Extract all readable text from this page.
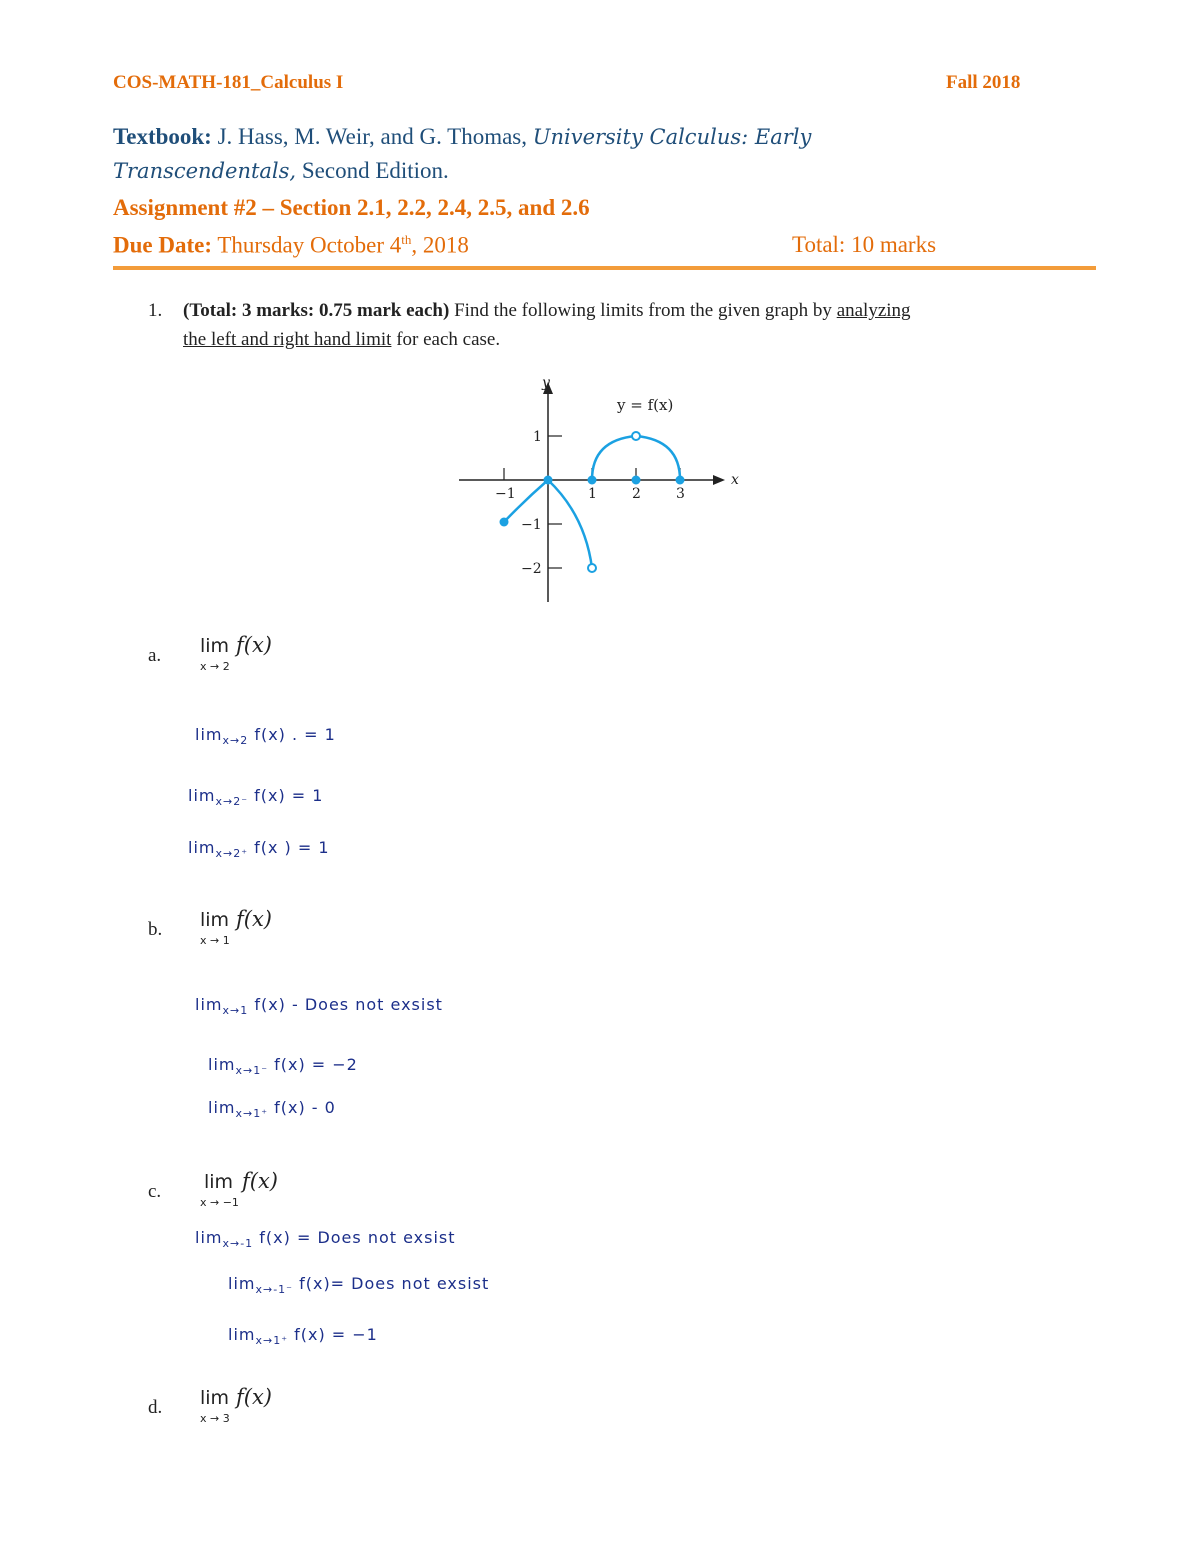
COS-MATH-181_Calculus I	Fall 2018
Textbook: J. Hass, M. Weir, and G. Thomas, University Calculus: Early
Transcendentals, Second Edition.
Assignment #2 – Section 2.1, 2.2, 2.4, 2.5, and 2.6
Due Date: Thursday October 4th, 2018	Total: 10 marks
1. (Total: 3 marks: 0.75 mark each) Find the following limits from the given graph by analyzing
the left and right hand limit for each case.
x
y
y = f(x)
−1	1	2	3
1
−1
−2
a. lim f(x)
x → 2
$\lim_{x\to 2} f(x)$ . = 1
$\lim_{x\to 2^-} f(x) = 1$
$\lim_{x\to 2^+} f(x$ ) = 1
b. lim f(x)
x → 1
$\lim_{x\to 1} f(x)$ - Does not exsist
$\lim_{x\to 1^-} f(x) = -2$
$\lim_{x\to 1^+} f(x) - 0$
c. lim f(x)
x → −1
$\lim_{x\to-1} f(x)$ = Does not exsist
$\lim_{x\to-1^-} f(x)=$ Does not exsist
$\lim_{x\to 1^+} f(x) = -1$
d. lim f(x)
x → 3
